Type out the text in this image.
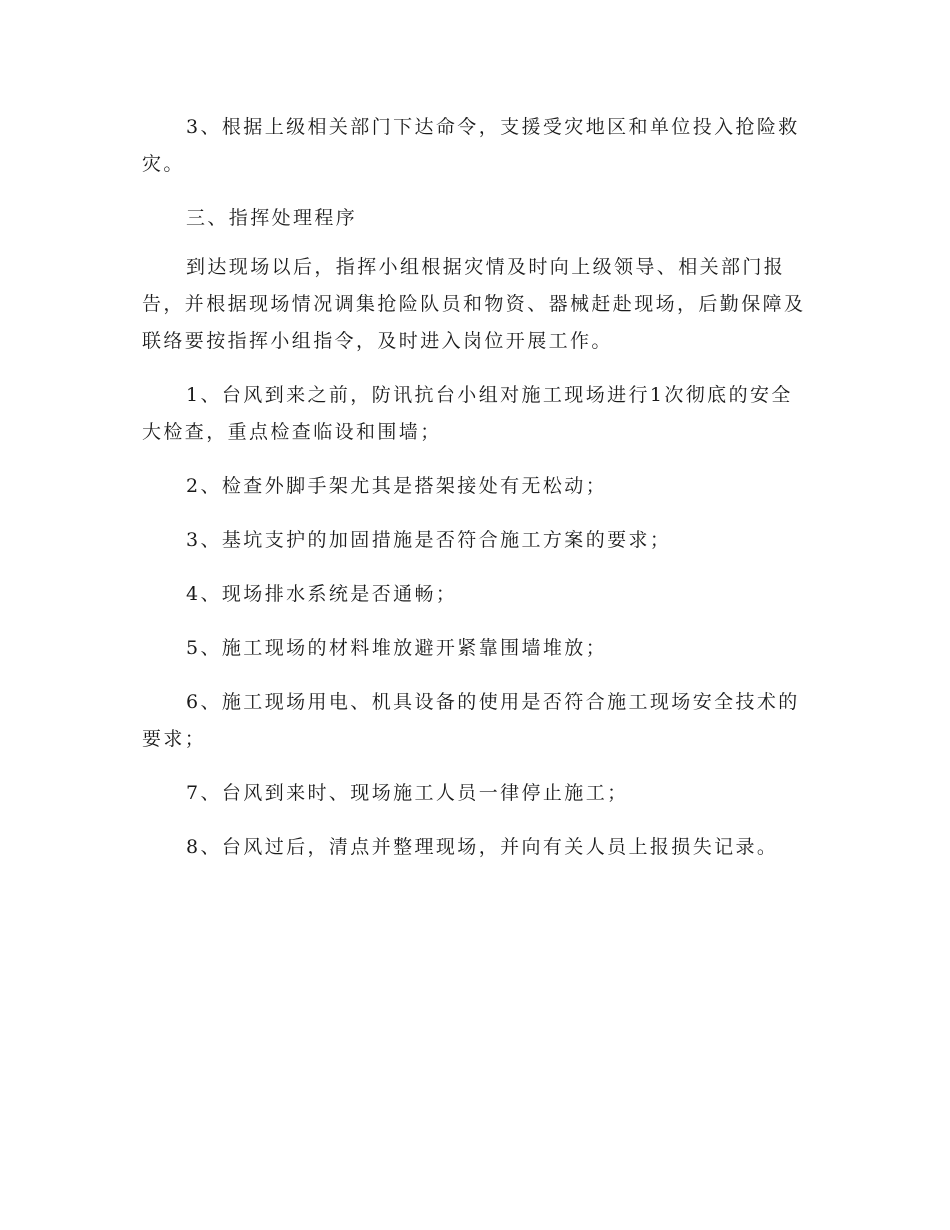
3、根据上级相关部门下达命令，支援受灾地区和单位投入抢险救灾。

三、指挥处理程序

到达现场以后，指挥小组根据灾情及时向上级领导、相关部门报告，并根据现场情况调集抢险队员和物资、器械赶赴现场，后勤保障及联络要按指挥小组指令，及时进入岗位开展工作。

1、台风到来之前，防讯抗台小组对施工现场进行1次彻底的安全大检查，重点检查临设和围墙；

2、检查外脚手架尤其是搭架接处有无松动；

3、基坑支护的加固措施是否符合施工方案的要求；

4、现场排水系统是否通畅；

5、施工现场的材料堆放避开紧靠围墙堆放；

6、施工现场用电、机具设备的使用是否符合施工现场安全技术的要求；

7、台风到来时、现场施工人员一律停止施工；

8、台风过后，清点并整理现场，并向有关人员上报损失记录。
